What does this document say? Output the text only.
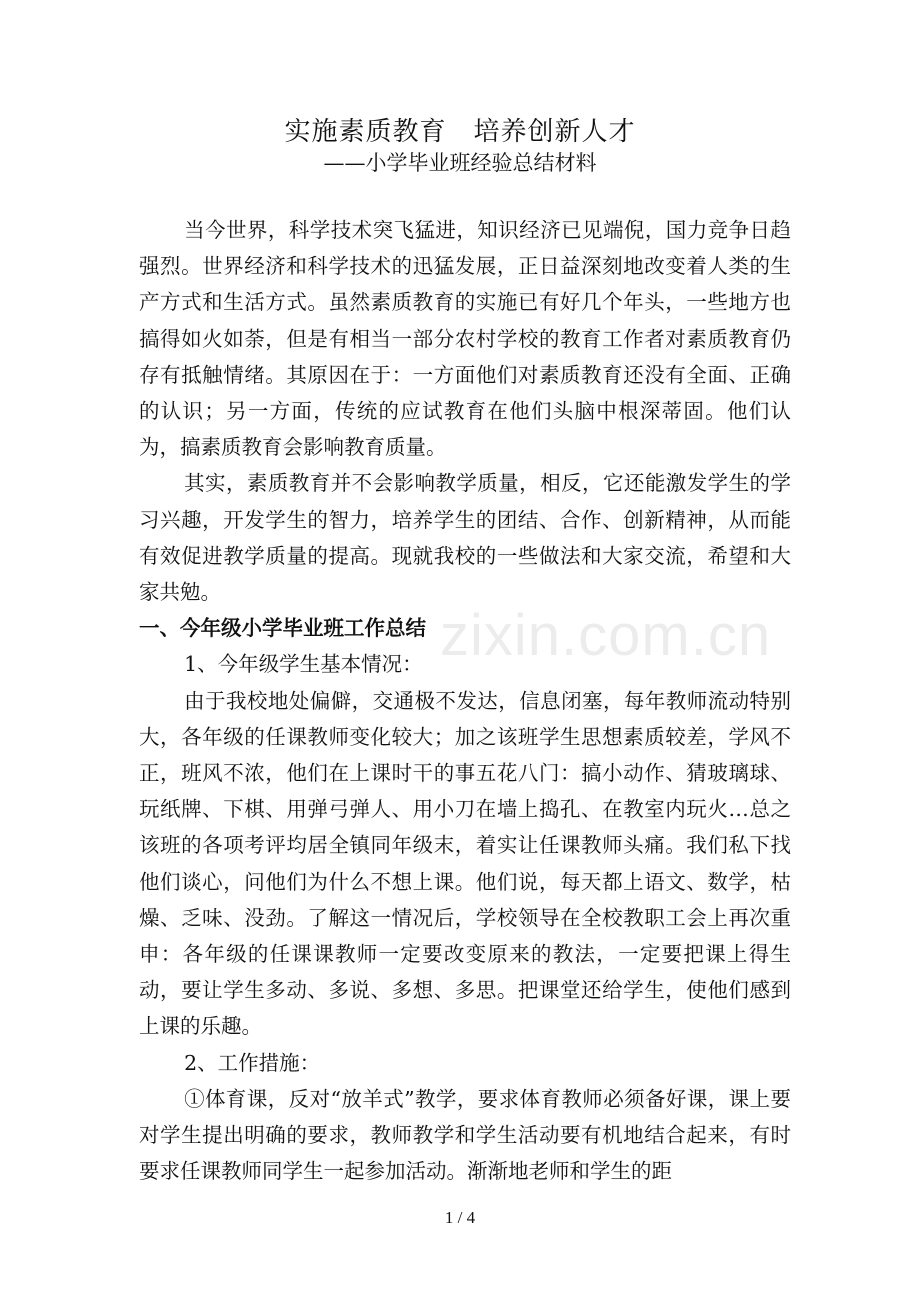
实施素质教育　培养创新人才
——小学毕业班经验总结材料

当今世界，科学技术突飞猛进，知识经济已见端倪，国力竞争日趋强烈。世界经济和科学技术的迅猛发展，正日益深刻地改变着人类的生产方式和生活方式。虽然素质教育的实施已有好几个年头，一些地方也搞得如火如荼，但是有相当一部分农村学校的教育工作者对素质教育仍存有抵触情绪。其原因在于：一方面他们对素质教育还没有全面、正确的认识；另一方面，传统的应试教育在他们头脑中根深蒂固。他们认为，搞素质教育会影响教育质量。

其实，素质教育并不会影响教学质量，相反，它还能激发学生的学习兴趣，开发学生的智力，培养学生的团结、合作、创新精神，从而能有效促进教学质量的提高。现就我校的一些做法和大家交流，希望和大家共勉。

一、今年级小学毕业班工作总结

1、今年级学生基本情况：

由于我校地处偏僻，交通极不发达，信息闭塞，每年教师流动特别大，各年级的任课教师变化较大；加之该班学生思想素质较差，学风不正，班风不浓，他们在上课时干的事五花八门：搞小动作、猜玻璃球、玩纸牌、下棋、用弹弓弹人、用小刀在墙上捣孔、在教室内玩火…总之该班的各项考评均居全镇同年级末，着实让任课教师头痛。我们私下找他们谈心，问他们为什么不想上课。他们说，每天都上语文、数学，枯燥、乏味、没劲。了解这一情况后，学校领导在全校教职工会上再次重申：各年级的任课课教师一定要改变原来的教法，一定要把课上得生动，要让学生多动、多说、多想、多思。把课堂还给学生，使他们感到上课的乐趣。

2、工作措施：

①体育课，反对“放羊式”教学，要求体育教师必须备好课，课上要对学生提出明确的要求，教师教学和学生活动要有机地结合起来，有时要求任课教师同学生一起参加活动。渐渐地老师和学生的距

zixin.com.cn
1 / 4
